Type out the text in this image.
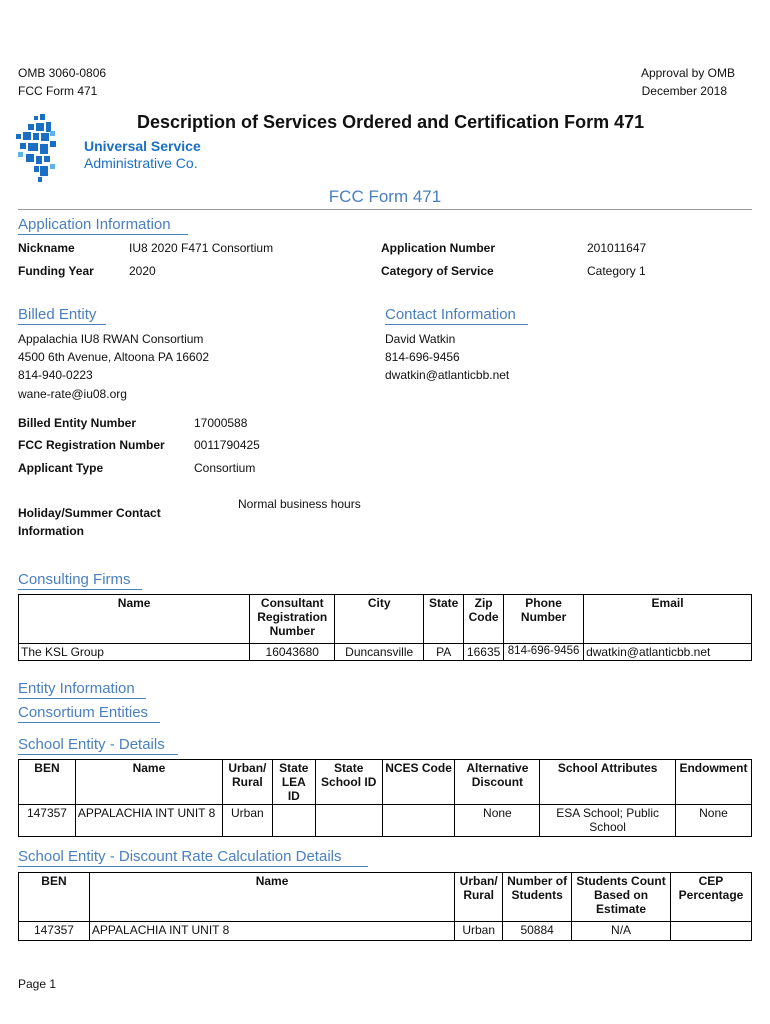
OMB 3060-0806
FCC Form 471
Approval by OMB
December 2018
Universal Service
Administrative Co.
Description of Services Ordered and Certification Form 471
FCC Form 471
Application Information
Nickname	IU8 2020 F471 Consortium	Application Number	201011647
Funding Year	2020	Category of Service	Category 1
Billed Entity
Appalachia IU8 RWAN Consortium
4500 6th Avenue, Altoona PA 16602
814-940-0223
wane-rate@iu08.org
Contact Information
David Watkin
814-696-9456
dwatkin@atlanticbb.net
Billed Entity Number	17000588
FCC Registration Number 0011790425
Applicant Type	Consortium
Normal business hours
Holiday/Summer Contact
Information
Consulting Firms
Name	Consultant Registration Number	City	State	Zip Code	Phone Number	Email
The KSL Group	16043680	Duncansville	PA	16635	814-696-9456	dwatkin@atlanticbb.net
Entity Information
Consortium Entities
School Entity - Details
BEN	Name	Urban/ Rural	State LEA ID	State School ID	NCES Code	Alternative Discount	School Attributes	Endowment
147357	APPALACHIA INT UNIT 8	Urban				None	ESA School; Public School	None
School Entity - Discount Rate Calculation Details
BEN	Name	Urban/ Rural	Number of Students	Students Count Based on Estimate	CEP Percentage
147357	APPALACHIA INT UNIT 8	Urban	50884	N/A	
Page 1
